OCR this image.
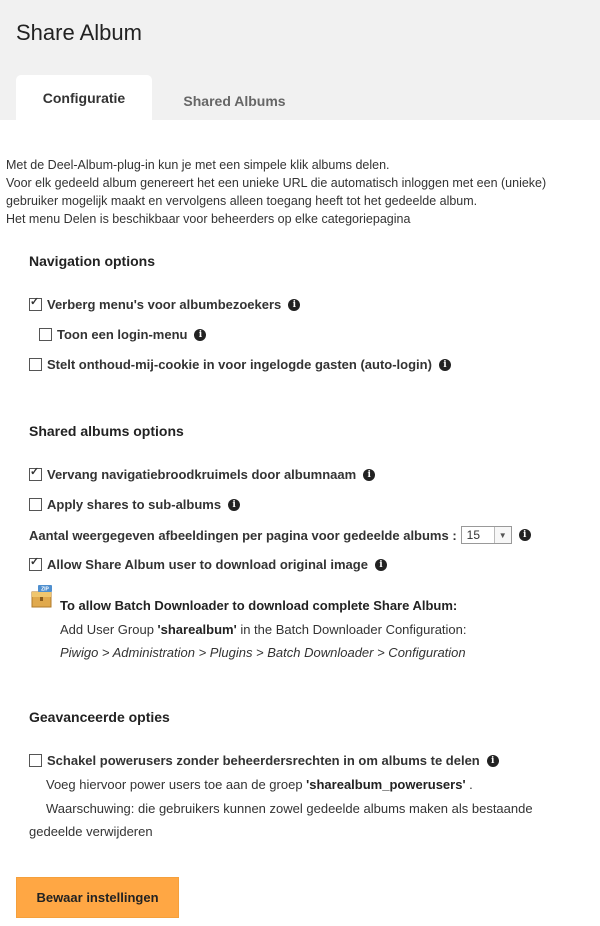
Share Album
Configuratie	Shared Albums
Met de Deel-Album-plug-in kun je met een simpele klik albums delen.
Voor elk gedeeld album genereert het een unieke URL die automatisch inloggen met een (unieke)
gebruiker mogelijk maakt en vervolgens alleen toegang heeft tot het gedeelde album.
Het menu Delen is beschikbaar voor beheerders op elke categoriepagina
Navigation options
✓
Verberg menu's voor albumbezoekers	i
Toon een login-menu	i
Stelt onthoud-mij-cookie in voor ingelogde gasten (auto-login)	i
Shared albums options
✓
Vervang navigatiebroodkruimels door albumnaam	i
Apply shares to sub-albums	i
Aantal weergegeven afbeeldingen per pagina voor gedeelde albums : 15	▼	i
✓
Allow Share Album user to download original image	i
ZIP
To allow Batch Downloader to download complete Share Album:
Add User Group 'sharealbum' in the Batch Downloader Configuration:
Piwigo > Administration > Plugins > Batch Downloader > Configuration
Geavanceerde opties
Schakel powerusers zonder beheerdersrechten in om albums te delen	i
Voeg hiervoor power users toe aan de groep 'sharealbum_powerusers' .
Waarschuwing: die gebruikers kunnen zowel gedeelde albums maken als bestaande
gedeelde verwijderen
Bewaar instellingen
